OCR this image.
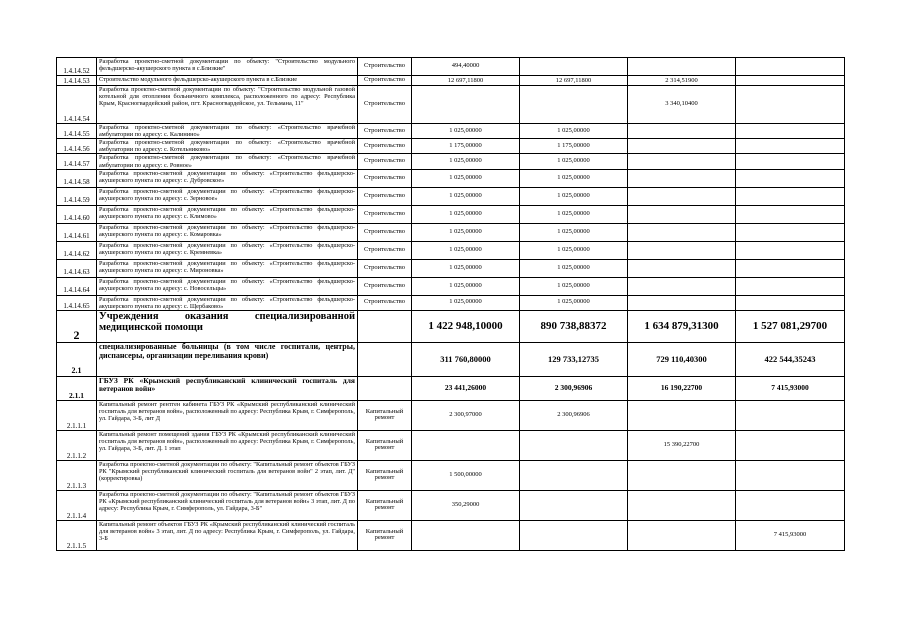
1.4.14.52	Разработка проектно-сметной документации по объекту: "Строительство модульного фельдшерско-акушерского пункта в с.Близкие"	Строительство	494,40000			
1.4.14.53	Строительство модульного фельдшерско-акушерского пункта в с.Близкие	Строительство	12 697,11800	12 697,11800	2 314,51900	
1.4.14.54	Разработка проектно-сметной документации по объекту: "Строительство модульной газовой котельной для отопления больничного комплекса, расположенного по адресу: Республика Крым, Красногвардейский район, пгт. Красногвардейское, ул. Тельмана, 11"	Строительство			3 340,10400	
1.4.14.55	Разработка проектно-сметной документации по объекту: «Строительство врачебной амбулатории по адресу: с. Калинино»	Строительство	1 025,00000	1 025,00000		
1.4.14.56	Разработка проектно-сметной документации по объекту: «Строительство врачебной амбулатории по адресу: с. Котельниково»	Строительство	1 175,00000	1 175,00000		
1.4.14.57	Разработка проектно-сметной документации по объекту: «Строительство врачебной амбулатории по адресу: с. Ровное»	Строительство	1 025,00000	1 025,00000		
1.4.14.58	Разработка проектно-сметной документации по объекту: «Строительство фельдшерско-акушерского пункта по адресу: с. Дубровское»	Строительство	1 025,00000	1 025,00000		
1.4.14.59	Разработка проектно-сметной документации по объекту: «Строительство фельдшерско-акушерского пункта по адресу: с. Зерновое»	Строительство	1 025,00000	1 025,00000		
1.4.14.60	Разработка проектно-сметной документации по объекту: «Строительство фельдшерско-акушерского пункта по адресу: с. Климово»	Строительство	1 025,00000	1 025,00000		
1.4.14.61	Разработка проектно-сметной документации по объекту: «Строительство фельдшерско-акушерского пункта по адресу: с. Комаровка»	Строительство	1 025,00000	1 025,00000		
1.4.14.62	Разработка проектно-сметной документации по объекту: «Строительство фельдшерско-акушерского пункта по адресу: с. Кремневка»	Строительство	1 025,00000	1 025,00000		
1.4.14.63	Разработка проектно-сметной документации по объекту: «Строительство фельдшерско-акушерского пункта по адресу: с. Мироновка»	Строительство	1 025,00000	1 025,00000		
1.4.14.64	Разработка проектно-сметной документации по объекту: «Строительство фельдшерско-акушерского пункта по адресу: с. Новосельцы»	Строительство	1 025,00000	1 025,00000		
1.4.14.65	Разработка проектно-сметной документации по объекту: «Строительство фельдшерско-акушерского пункта по адресу: с. Щербаково»	Строительство	1 025,00000	1 025,00000		
2	Учреждения оказания специализированной медицинской помощи		1 422 948,10000	890 738,88372	1 634 879,31300	1 527 081,29700
2.1	специализированные больницы (в том числе госпитали, центры, диспансеры, организации переливания крови)		311 760,80000	129 733,12735	729 110,40300	422 544,35243
2.1.1	ГБУЗ РК «Крымский республиканский клинический госпиталь для ветеранов войн»		23 441,26000	2 300,96906	16 190,22700	7 415,93000
2.1.1.1	Капитальный ремонт рентген кабинета ГБУЗ РК «Крымский республиканский клинический госпиталь для ветеранов войн», расположенный по адресу: Республика Крым, г. Симферополь, ул. Гайдара, 3-Б, лит Д	Капитальный ремонт	2 300,97000	2 300,96906		
2.1.1.2	Капитальный ремонт помещений здания ГБУЗ РК «Крымский республиканский клинический госпиталь для ветеранов войн», расположенный по адресу: Республика Крым, г. Симферополь, ул. Гайдара, 3-Б, лит. Д. 1 этап	Капитальный ремонт			15 390,22700	
2.1.1.3	Разработка проектно-сметной документации по объекту: "Капитальный ремонт объектов ГБУЗ РК "Крымский республиканский клинический госпиталь для ветеранов войн" 2 этап, лит. Д" (корректировка)	Капитальный ремонт	1 500,00000			
2.1.1.4	Разработка проектно-сметной документации по объекту: "Капитальный ремонт объектов ГБУЗ РК «Крымский республиканский клинический госпиталь для ветеранов войн» 3 этап, лит. Д по адресу: Республика Крым, г. Симферополь, ул. Гайдара, 3-Б"	Капитальный ремонт	350,29000			
2.1.1.5	Капитальный ремонт объектов ГБУЗ РК «Крымский республиканский клинический госпиталь для ветеранов войн» 3 этап, лит. Д по адресу: Республика Крым, г. Симферополь, ул. Гайдара, 3-Б	Капитальный ремонт				7 415,93000
